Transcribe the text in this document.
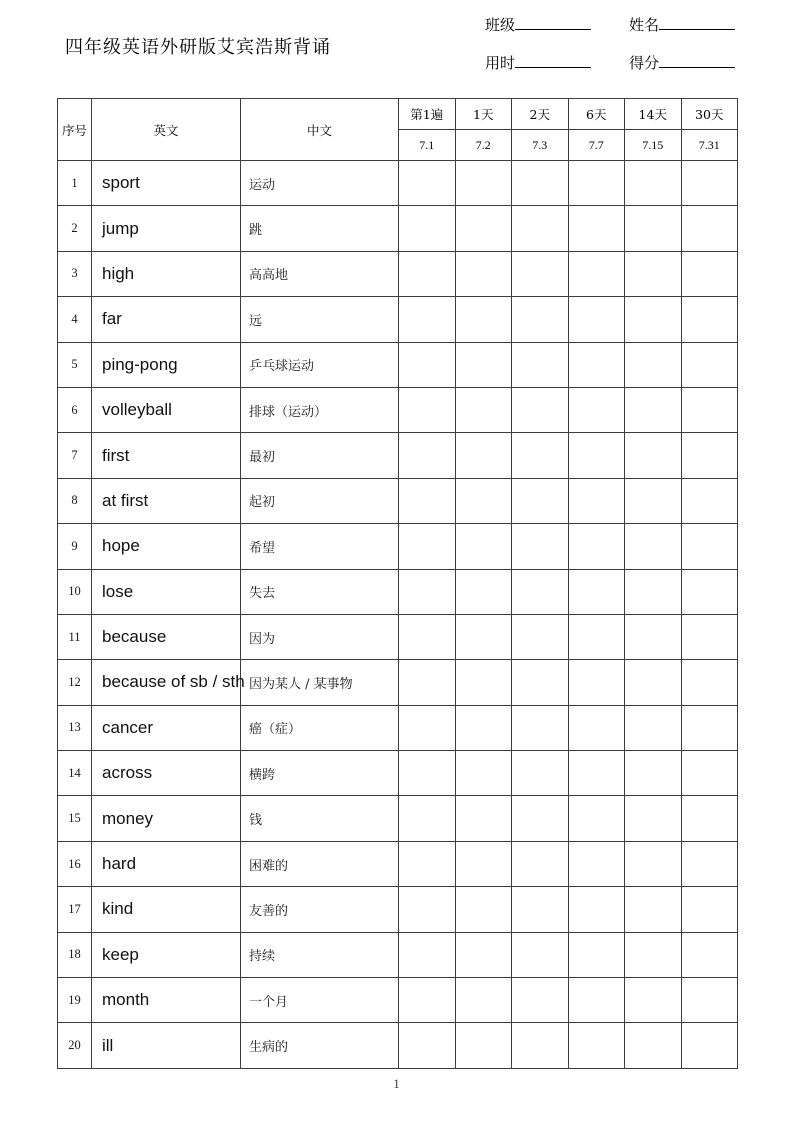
四年级英语外研版艾宾浩斯背诵
班级	姓名
用时	得分
序号	英文	中文	第1遍	1天	2天	6天	14天	30天
			7.1	7.2	7.3	7.7	7.15	7.31
1	sport	运动						
2	jump	跳						
3	high	高高地						
4	far	远						
5	ping-pong	乒乓球运动						
6	volleyball	排球（运动）						
7	first	最初						
8	at first	起初						
9	hope	希望						
10	lose	失去						
11	because	因为						
12	because of sb / sth	因为某人 / 某事物						
13	cancer	癌（症）						
14	across	横跨						
15	money	钱						
16	hard	困难的						
17	kind	友善的						
18	keep	持续						
19	month	一个月						
20	ill	生病的						
1
